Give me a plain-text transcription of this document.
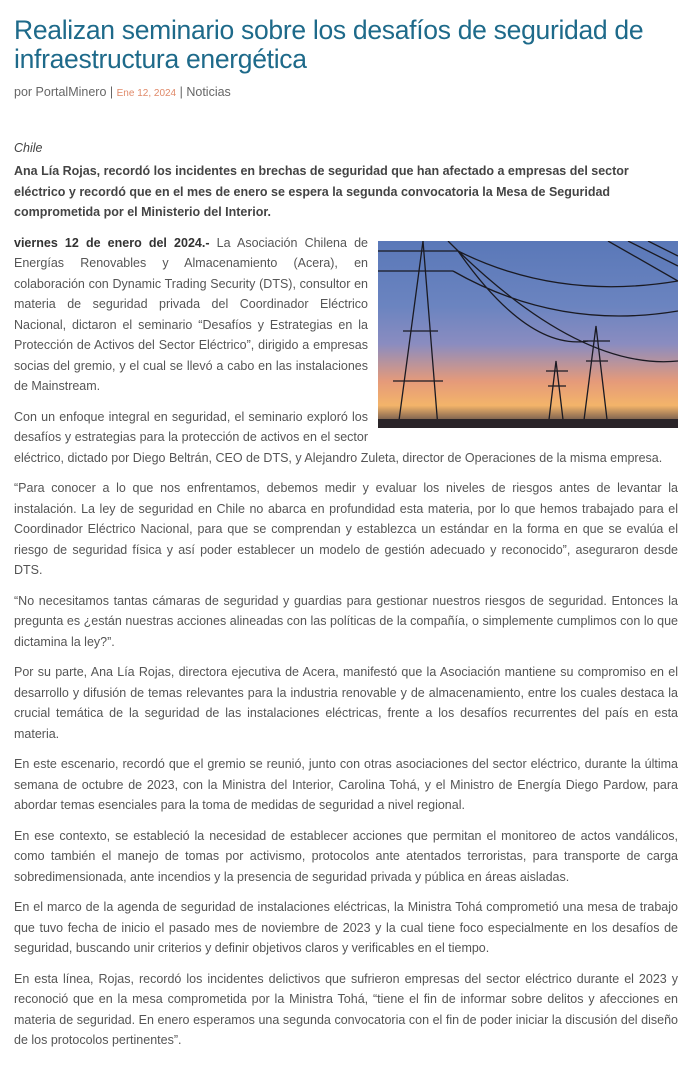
Realizan seminario sobre los desafíos de seguridad de infraestructura energética
por PortalMinero | Ene 12, 2024 | Noticias
Chile
Ana Lía Rojas, recordó los incidentes en brechas de seguridad que han afectado a empresas del sector eléctrico y recordó que en el mes de enero se espera la segunda convocatoria la Mesa de Seguridad comprometida por el Ministerio del Interior.

viernes 12 de enero del 2024.- La Asociación Chilena de Energías Renovables y Almacenamiento (Acera), en colaboración con Dynamic Trading Security (DTS), consultor en materia de seguridad privada del Coordinador Eléctrico Nacional, dictaron el seminario “Desafíos y Estrategias en la Protección de Activos del Sector Eléctrico”, dirigido a empresas socias del gremio, y el cual se llevó a cabo en las instalaciones de Mainstream.

Con un enfoque integral en seguridad, el seminario exploró los desafíos y estrategias para la protección de activos en el sector eléctrico, dictado por Diego Beltrán, CEO de DTS, y Alejandro Zuleta, director de Operaciones de la misma empresa.

“Para conocer a lo que nos enfrentamos, debemos medir y evaluar los niveles de riesgos antes de levantar la instalación. La ley de seguridad en Chile no abarca en profundidad esta materia, por lo que hemos trabajado para el Coordinador Eléctrico Nacional, para que se comprendan y establezca un estándar en la forma en que se evalúa el riesgo de seguridad física y así poder establecer un modelo de gestión adecuado y reconocido”, aseguraron desde DTS.

“No necesitamos tantas cámaras de seguridad y guardias para gestionar nuestros riesgos de seguridad. Entonces la pregunta es ¿están nuestras acciones alineadas con las políticas de la compañía, o simplemente cumplimos con lo que dictamina la ley?”.

Por su parte, Ana Lía Rojas, directora ejecutiva de Acera, manifestó que la Asociación mantiene su compromiso en el desarrollo y difusión de temas relevantes para la industria renovable y de almacenamiento, entre los cuales destaca la crucial temática de la seguridad de las instalaciones eléctricas, frente a los desafíos recurrentes del país en esta materia.

En este escenario, recordó que el gremio se reunió, junto con otras asociaciones del sector eléctrico, durante la última semana de octubre de 2023, con la Ministra del Interior, Carolina Tohá, y el Ministro de Energía Diego Pardow, para abordar temas esenciales para la toma de medidas de seguridad a nivel regional.

En ese contexto, se estableció la necesidad de establecer acciones que permitan el monitoreo de actos vandálicos, como también el manejo de tomas por activismo, protocolos ante atentados terroristas, para transporte de carga sobredimensionada, ante incendios y la presencia de seguridad privada y pública en áreas aisladas.

En el marco de la agenda de seguridad de instalaciones eléctricas, la Ministra Tohá comprometió una mesa de trabajo que tuvo fecha de inicio el pasado mes de noviembre de 2023 y la cual tiene foco especialmente en los desafíos de seguridad, buscando unir criterios y definir objetivos claros y verificables en el tiempo.

En esta línea, Rojas, recordó los incidentes delictivos que sufrieron empresas del sector eléctrico durante el 2023 y reconoció que en la mesa comprometida por la Ministra Tohá, “tiene el fin de informar sobre delitos y afecciones en materia de seguridad. En enero esperamos una segunda convocatoria con el fin de poder iniciar la discusión del diseño de los protocolos pertinentes”.
